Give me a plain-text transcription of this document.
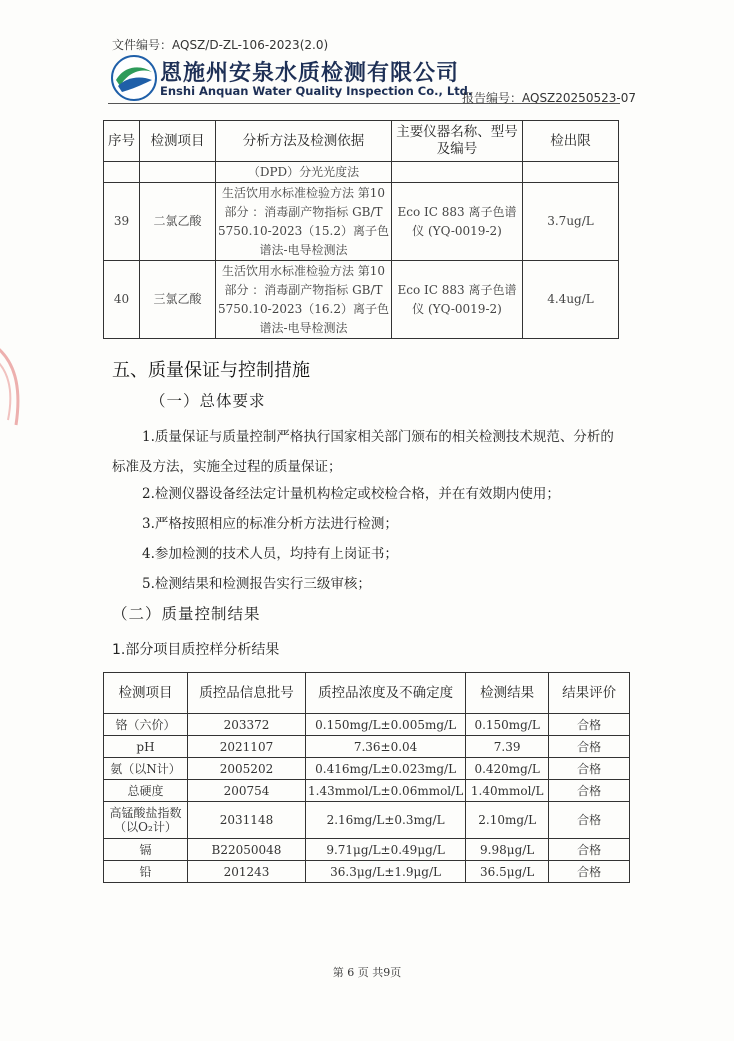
文件编号：AQSZ/D-ZL-106-2023(2.0)
恩施州安泉水质检测有限公司
Enshi Anquan Water Quality Inspection Co., Ltd.
报告编号：AQSZ20250523-07
序号	检测项目	分析方法及检测依据	主要仪器名称、型号及编号	检出限
		（DPD）分光光度法		
39	二氯乙酸	生活饮用水标准检验方法 第10部分 ：消毒副产物指标 GB/T 5750.10-2023（15.2）离子色谱法-电导检测法	Eco IC 883 离子色谱仪 (YQ-0019-2)	3.7ug/L
40	三氯乙酸	生活饮用水标准检验方法 第10部分 ：消毒副产物指标 GB/T 5750.10-2023（16.2）离子色谱法-电导检测法	Eco IC 883 离子色谱仪 (YQ-0019-2)	4.4ug/L
五、质量保证与控制措施
（一）总体要求
1.质量保证与质量控制严格执行国家相关部门颁布的相关检测技术规范、分析的标准及方法，实施全过程的质量保证；
2.检测仪器设备经法定计量机构检定或校检合格，并在有效期内使用；
3.严格按照相应的标准分析方法进行检测；
4.参加检测的技术人员，均持有上岗证书；
5.检测结果和检测报告实行三级审核；
（二）质量控制结果
1.部分项目质控样分析结果
检测项目	质控品信息批号	质控品浓度及不确定度	检测结果	结果评价
铬（六价）	203372	0.150mg/L±0.005mg/L	0.150mg/L	合格
pH	2021107	7.36±0.04	7.39	合格
氨（以N计）	2005202	0.416mg/L±0.023mg/L	0.420mg/L	合格
总硬度	200754	1.43mmol/L±0.06mmol/L	1.40mmol/L	合格
高锰酸盐指数（以O₂计）	2031148	2.16mg/L±0.3mg/L	2.10mg/L	合格
镉	B22050048	9.71μg/L±0.49μg/L	9.98μg/L	合格
铅	201243	36.3μg/L±1.9μg/L	36.5μg/L	合格
第 6 页 共9页
